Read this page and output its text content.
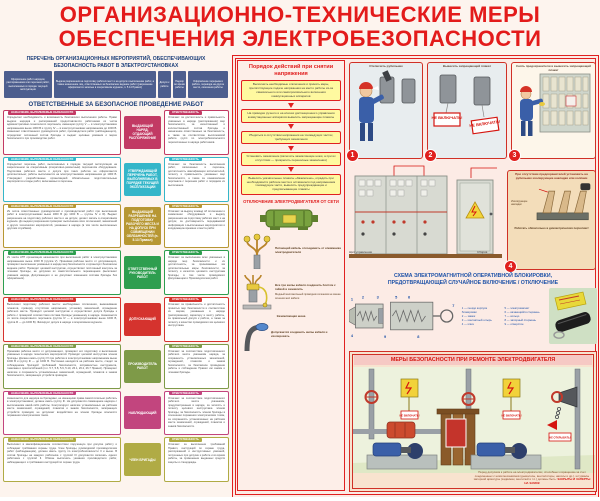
ОРГАНИЗАЦИОННО-ТЕХНИЧЕСКИЕ МЕРЫ
ОБЕСПЕЧЕНИЯ ЭЛЕКТРОБЕЗОПАСНОСТИ
ПЕРЕЧЕНЬ ОРГАНИЗАЦИОННЫХ МЕРОПРИЯТИЙ, ОБЕСПЕЧИВАЮЩИХ БЕЗОПАСНОСТЬ РАБОТ В ЭЛЕКТРОУСТАНОВКАХ
Оформление работ нарядом, распоряжением или перечнем работ, выполняемых в порядке текущей эксплуатации
Выдача разрешения на подготовку рабочих мест и на допуск к выполнению работ, а также назначение лиц, ответственных за безопасное ведение работ (разрешение оформляется записью в оперативном журнале, п. 5.14 Правил)
Допуск к работе
Надзор во время работы
Оформление перерыва в работе, перевода на другое место, окончания работы
ОТВЕТСТВЕННЫЕ ЗА БЕЗОПАСНОЕ ПРОВЕДЕНИЕ РАБОТ
НАЗНАЧЕНИЕ, ВЫПОЛНЯЕМЫЕ ОБЯЗАННОСТИ
Определяет необходимость и возможность безопасного выполнения работы. Право выдачи нарядов и распоряжений предоставляется работникам из числа административно-технического персонала, имеющим группу V — в электроустановках напряжением выше 1000 В и группу IV — в электроустановках напряжением до 1000 В. Назначает ответственного руководителя работ, производителя работ (наблюдающего), определяет численный состав бригады и выдает целевые указания о мерах безопасности при производстве работ.
ВЫДАЮЩИЙ НАРЯД, ОТДАЮЩИЙ РАСПОРЯЖЕНИЕ
ОТВЕТСТВЕННОСТЬ
Отвечает за достаточность и правильность указанных в наряде (распоряжении) мер безопасности, за качественный и количественный состав бригады и назначение ответственных за безопасность, а также за соответствие выполняемой работе групп по электробезопасности перечисленных в наряде работников.
НАЗНАЧЕНИЕ, ВЫПОЛНЯЕМЫЕ ОБЯЗАННОСТИ
Определяет перечень работ, выполняемых в порядке текущей эксплуатации на закрепленном за оперативным (оперативно-ремонтным) персоналом оборудовании. Подготовка рабочего места и допуск при таких работах не оформляются дополнительно; работы выполняются на электроустановках напряжением до 1000 В. Утверждает разработанные организацией обязательные подготовительные мероприятия и виды работ, включаемых в перечень.
УТВЕРЖДАЮЩИЙ ПЕРЕЧЕНЬ РАБОТ, ВЫПОЛНЯЕМЫХ В ПОРЯДКЕ ТЕКУЩЕЙ ЭКСПЛУАТАЦИИ
ОТВЕТСТВЕННОСТЬ
Отвечает за безопасность выполнения работ, включенных в перечень, достаточность квалификации исполнителей, полноту и правильность указанных мер безопасности, а также за ознакомление персонала с перечнем работ и порядком их выполнения.
НАЗНАЧЕНИЕ, ВЫПОЛНЯЕМЫЕ ОБЯЗАННОСТИ
Из числа ответственных руководителей и производителей работ при выполнении работ в электроустановках выше 1000 В (до 1000 В — группы IV и III). Выдает разрешение на подготовку рабочего места и на допуск, делает запись в оперативном журнале. До выдачи разрешения проверяет выполнение всех отключений, заземлений и других технических мероприятий, указанных в наряде (в том числе выполненных другими службами).
ВЫДАЮЩИЙ РАЗРЕШЕНИЕ НА ПОДГОТОВКУ РАБОЧЕГО МЕСТА И НА ДОПУСК ПРИ СОВМЕЩЕНИИ ОБЯЗАННОСТЕЙ (п. 5.13 Правил)
ОТВЕТСТВЕННОСТЬ
Отвечает за выдачу команд об отключении и заземлении оборудования и выдачу разрешения на подготовку рабочих мест и на допуск, за достоверность передаваемой информации о выполненных мероприятиях и координацию времени и места работ.
НАЗНАЧЕНИЕ, ВЫПОЛНЯЕМЫЕ ОБЯЗАННОСТИ
Из числа АТП организации назначается при выполнении работ в электроустановках напряжением выше 1000 В (группа V). Принимая рабочее место от допускающего, проверяет выполнение указанных в наряде мер безопасности и организует безопасное ведение работ. Проводит целевой инструктаж, осуществляет постоянный контроль за членами бригады, не допуская их самостоятельного перемещения (выполняет указания наряда, Допускающего и не допускает изменения состава бригады без оформления).
ОТВЕТСТВЕННЫЙ РУКОВОДИТЕЛЬ РАБОТ
ОТВЕТСТВЕННОСТЬ
Отвечает за выполнение всех указанных в наряде мер безопасности и их достаточность, за принимаемые им дополнительные меры безопасности, за полноту и качество целевого инструктажа бригады, в том числе проводимого Допускающим и Производителем работ.
НАЗНАЧЕНИЕ, ВЫПОЛНЯЕМЫЕ ОБЯЗАННОСТИ
Выполняет подготовку рабочего места: необходимые отключения, вывешивание плакатов, проверку отсутствия напряжения, установку заземлений, ограждение рабочего места. Проводит целевой инструктаж и осуществляет допуск бригады к работе с проверкой соответствия состава бригады указанному в наряде. Назначается из числа оперативного персонала (группа IV — в электроустановках выше 1000 В, группа III — до 1000 В). Фиксирует допуск в наряде и оперативном журнале.
ДОПУСКАЮЩИЙ
ОТВЕТСТВЕННОСТЬ
Отвечает за правильность и достаточность принятых мер безопасности и соответствие их мерам, указанным в наряде (распоряжении), характеру и месту работы, за правильный допуск к работе, а также за полноту и качество проводимого им целевого инструктажа.
НАЗНАЧЕНИЕ, ВЫПОЛНЯЕМЫЕ ОБЯЗАННОСТИ
Принимая рабочее место от допускающего, проверяет его подготовку и выполнение указанных в наряде технических мероприятий. Проводит целевой инструктаж членов бригады. Должен иметь группу IV при работах в электроустановках напряжением выше 1000 В и группу III — до 1000 В. Постоянно находится на рабочем месте, следит за соблюдением бригадой требований безопасности, исправностью инструмента, такелажа и приспособлений (п.п. 5.7, 5.8, 5.9, 5.10, 26.1, 26.2, 26.7 Правил). Проверяет наличие и сохранность установленных заземлений, ограждений, плакатов и знаков безопасности, запирающих устройств приводов.
ПРОИЗВОДИТЕЛЬ РАБОТ
ОТВЕТСТВЕННОСТЬ
Отвечает за соответствие подготовленного рабочего места указаниям наряда, за сохранность установленных заземлений, ограждений, плакатов и знаков безопасности, за безопасное проведение работы и соблюдение Правил им самим и членами бригады.
НАЗНАЧЕНИЕ, ВЫПОЛНЯЕМЫЕ ОБЯЗАННОСТИ
Назначается для надзора за бригадами, не имеющими права самостоятельно работать в электроустановках; должен иметь группу III. Не допускается совмещение надзора с выполнением какой-либо работы. Контролирует наличие установленных на рабочем месте заземлений, ограждений, плакатов и знаков безопасности, запирающих устройств приводов; не допускает воздействия на членов бригады опасности поражения электрическим током.
НАБЛЮДАЮЩИЙ
ОТВЕТСТВЕННОСТЬ
Отвечает за соответствие подготовленного рабочего места указаниям, предусмотренным в наряде, за четкость и полноту целевого инструктажа членов бригады, за безопасность членов бригады в отношении поражения электрическим током, за сохранность установленных на рабочем месте заземлений, ограждений, плакатов и знаков безопасности.
НАЗНАЧЕНИЕ, ВЫПОЛНЯЕМЫЕ ОБЯЗАННОСТИ
Выполняет в квалификационном соответствии порученную при допуске работу и соблюдает требования охраны труда. Член бригады, руководимой производителем работ (наблюдающим), должен иметь группу по электробезопасности II и выше. В состав бригады на каждого работника с группой III допускается включать одного работника с группой II. Обязан выполнять указания производителя работ, наблюдающего и требования инструкций по охране труда.
ЧЛЕН БРИГАДЫ
ОТВЕТСТВЕННОСТЬ
Отвечает за выполнение требований Правил, инструкций по охране труда, распоряжений и инструктивных указаний, полученных при допуске к работе и во время работы, за применение выданных средств защиты и спецодежды.
Порядок действий при снятии напряжения
Выполнить необходимые отключения и принять меры, препятствующие подаче напряжения на место работы из-за самовольного или самопроизвольного включения коммутационных аппаратов
На приводах ручного и на ключах дистанционного управления коммутационных аппаратов вывесить запрещающие плакаты
Убедиться в отсутствии напряжения на токоведущих частях, требующих заземления
Установить заземление (включить заземляющие ножи, а при их отсутствии — прикрепить переносные заземления)
Вывесить указательные плакаты «Заземлено», оградить при необходимости рабочие места и оставшиеся под напряжением токоведущие части, вывесить предупреждающие и предписывающие плакаты
ОТКЛЮЧЕНИЕ ЭЛЕКТРОДВИГАТЕЛЯ ОТ СЕТИ
Питающий кабель отсоединить от клеммника электродвигателя
Все три жилы кабеля соединить болтом с гайкой и заземлить
Медный многожильный проводник сечением не менее сечения жил кабеля
Заземляющая шина
Допускается соединить жилы кабеля и изолировать
Отключить рубильник
1
Вывесить запрещающий плакат
НЕ ВКЛЮЧАТЬ!
НЕ ВКЛЮЧАТЬ!
2
Снять предохранители и вывесить запрещающий плакат
3
Щит управления	Сборка
При отсутствии предохранителей установить на рубильник изолирующие накладки или колпаки
Изолирующие накладки
Работать обязательно в диэлектрических перчатках!
4
СХЕМА ЭЛЕКТРОМАГНИТНОЙ ОПЕРАТИВНОЙ БЛОКИРОВКИ,
ПРЕДОТВРАЩАЮЩЕЙ СЛУЧАЙНОЕ ВКЛЮЧЕНИЕ / ОТКЛЮЧЕНИЕ
1 2	3
4
5	6
7
8
9
1 — гнездо корпуса блокировки
2 — замок
3 — контактный штырь
4 — ключ
5 — электромагнит
6 — качающийся стержень
7 — кольцо
8 — запорный стержень
9 — отверстие
МЕРЫ БЕЗОПАСНОСТИ ПРИ РЕМОНТЕ ЭЛЕКТРОДВИГАТЕЛЯ
НЕ ВКЛЮЧАТЬ!	НЕ ВКЛЮЧАТЬ!
НЕ ОТКРЫВАТЬ!
Перед допуском к работе на электродвигателях, способных к вращению за счет соединенных с ними механизмов (дымососы, вентиляторы, насосы и др.), штурвалы запорной арматуры (задвижек, вентилей и т.п.) должны быть: ЗАКРЫТЫ И ЗАПЕРТЫ НА ЗАМОК
